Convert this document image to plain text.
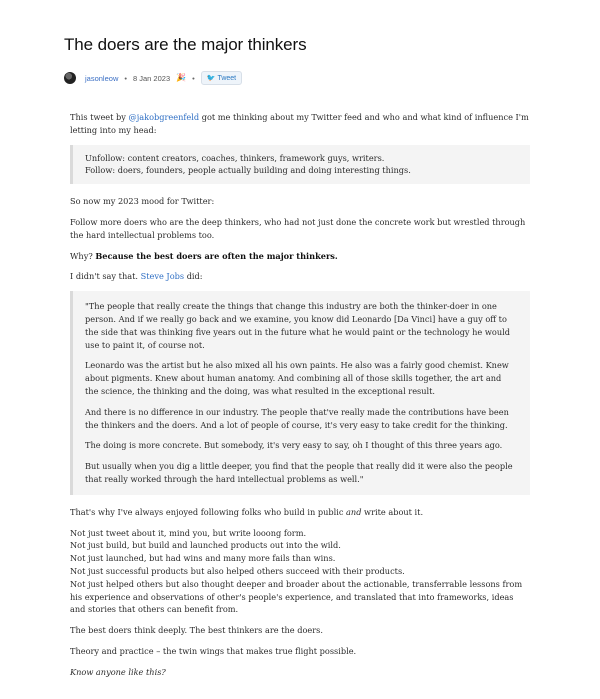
The doers are the major thinkers
jasonleow • 8 Jan 2023 🎉 • 🐦 Tweet

This tweet by @jakobgreenfeld got me thinking about my Twitter feed and who and what kind of influence I'm letting into my head:

Unfollow: content creators, coaches, thinkers, framework guys, writers.

Follow: doers, founders, people actually building and doing interesting things.

So now my 2023 mood for Twitter:

Follow more doers who are the deep thinkers, who had not just done the concrete work but wrestled through the hard intellectual problems too.

Why? Because the best doers are often the major thinkers.

I didn't say that. Steve Jobs did:

"The people that really create the things that change this industry are both the thinker-doer in one person. And if we really go back and we examine, you know did Leonardo [Da Vinci] have a guy off to the side that was thinking five years out in the future what he would paint or the technology he would use to paint it, of course not.

Leonardo was the artist but he also mixed all his own paints. He also was a fairly good chemist. Knew about pigments. Knew about human anatomy. And combining all of those skills together, the art and the science, the thinking and the doing, was what resulted in the exceptional result.

And there is no difference in our industry. The people that've really made the contributions have been the thinkers and the doers. And a lot of people of course, it's very easy to take credit for the thinking.

The doing is more concrete. But somebody, it's very easy to say, oh I thought of this three years ago.

But usually when you dig a little deeper, you find that the people that really did it were also the people that really worked through the hard intellectual problems as well."

That's why I've always enjoyed following folks who build in public and write about it.

Not just tweet about it, mind you, but write looong form.
Not just build, but build and launched products out into the wild.
Not just launched, but had wins and many more fails than wins.
Not just successful products but also helped others succeed with their products.
Not just helped others but also thought deeper and broader about the actionable, transferrable lessons from his experience and observations of other's people's experience, and translated that into frameworks, ideas and stories that others can benefit from.

The best doers think deeply. The best thinkers are the doers.

Theory and practice – the twin wings that makes true flight possible.

Know anyone like this?
